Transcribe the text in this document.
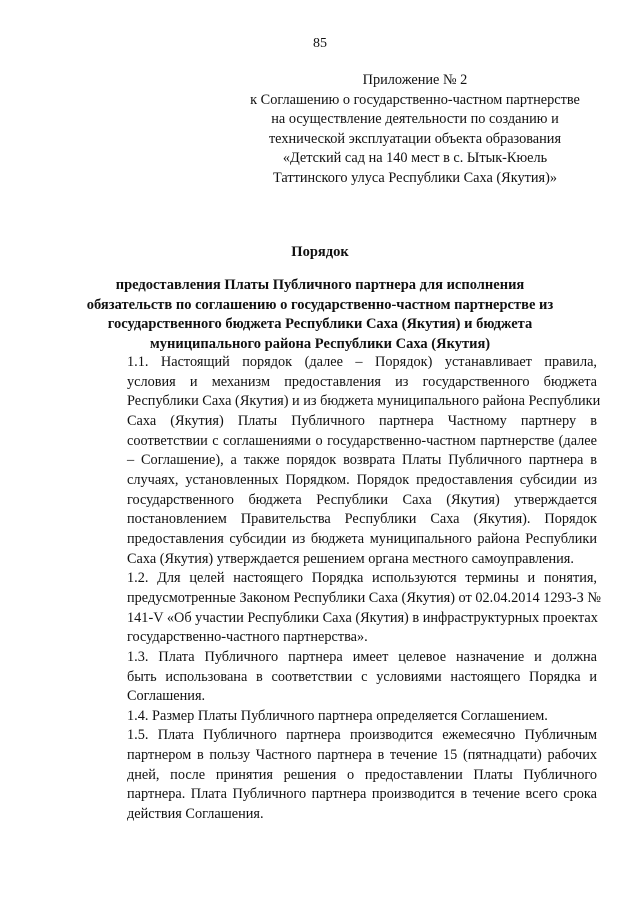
85
Приложение № 2
к Соглашению о государственно-частном партнерстве
на осуществление деятельности по созданию и
технической эксплуатации объекта образования
«Детский сад на 140 мест в с. Ытык-Кюель
Таттинского улуса Республики Саха (Якутия)»
Порядок
предоставления Платы Публичного партнера для исполнения
обязательств по соглашению о государственно-частном партнерстве из
государственного бюджета Республики Саха (Якутия) и бюджета
муниципального района Республики Саха (Якутия)
1.1. Настоящий порядок (далее – Порядок) устанавливает правила,
условия и механизм предоставления из государственного бюджета
Республики Саха (Якутия) и из бюджета муниципального района Республики
Саха (Якутия) Платы Публичного партнера Частному партнеру в
соответствии с соглашениями о государственно-частном партнерстве (далее
– Соглашение), а также порядок возврата Платы Публичного партнера в
случаях, установленных Порядком. Порядок предоставления субсидии из
государственного бюджета Республики Саха (Якутия) утверждается
постановлением Правительства Республики Саха (Якутия). Порядок
предоставления субсидии из бюджета муниципального района Республики
Саха (Якутия) утверждается решением органа местного самоуправления.
1.2. Для целей настоящего Порядка используются термины и понятия,
предусмотренные Законом Республики Саха (Якутия) от 02.04.2014 1293-З №
141-V «Об участии Республики Саха (Якутия) в инфраструктурных проектах
государственно-частного партнерства».
1.3. Плата Публичного партнера имеет целевое назначение и должна
быть использована в соответствии с условиями настоящего Порядка и
Соглашения.
1.4. Размер Платы Публичного партнера определяется Соглашением.
1.5. Плата Публичного партнера производится ежемесячно Публичным
партнером в пользу Частного партнера в течение 15 (пятнадцати) рабочих
дней, после принятия решения о предоставлении Платы Публичного
партнера. Плата Публичного партнера производится в течение всего срока
действия Соглашения.
